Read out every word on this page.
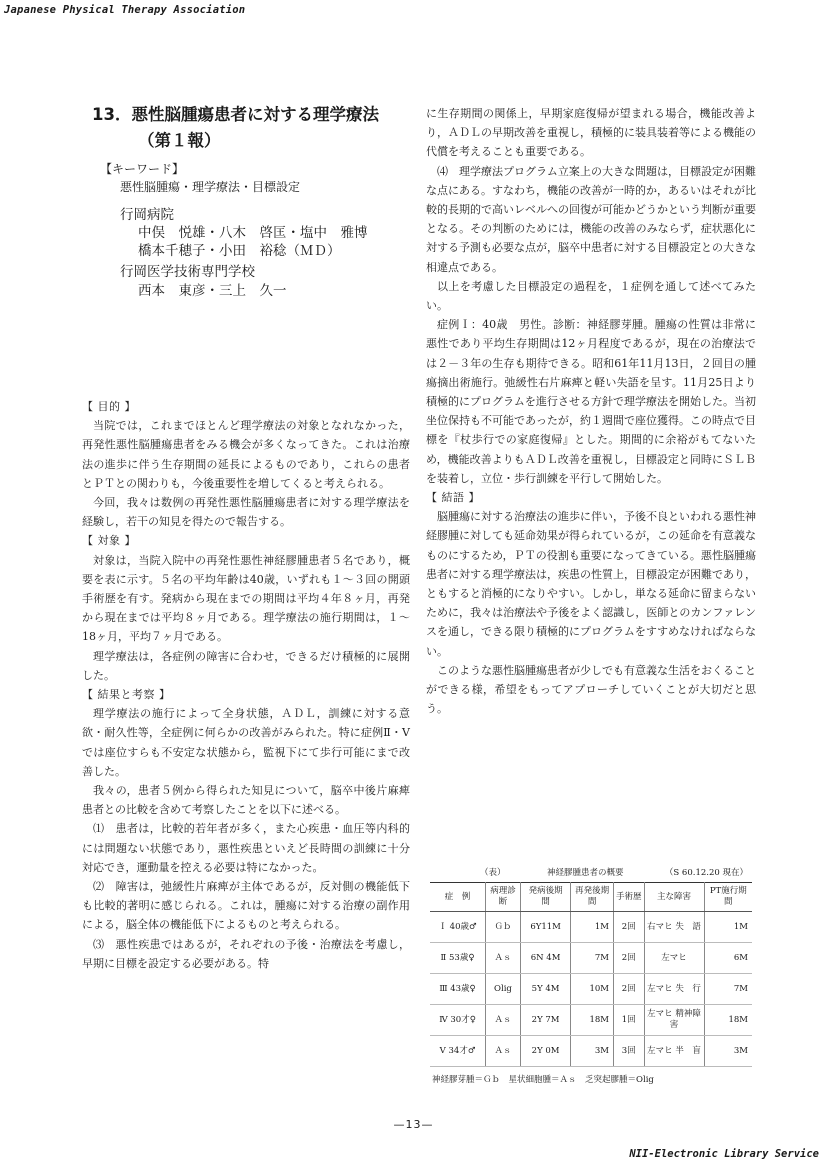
Japanese Physical Therapy Association
13．悪性脳腫瘍患者に対する理学療法
（第１報）
【キーワード】
悪性脳腫瘍・理学療法・目標設定
行岡病院
中俣　悦雄・八木　啓匡・塩中　雅博
橋本千穂子・小田　裕稔（ＭＤ）
行岡医学技術専門学校
西本　東彦・三上　久一
【 目的 】

当院では，これまでほとんど理学療法の対象となれなかった，再発性悪性脳腫瘍患者をみる機会が多くなってきた。これは治療法の進歩に伴う生存期間の延長によるものであり，これらの患者とＰＴとの関わりも，今後重要性を増してくると考えられる。

今回，我々は数例の再発性悪性脳腫瘍患者に対する理学療法を経験し，若干の知見を得たので報告する。

【 対象 】

対象は，当院入院中の再発性悪性神経膠腫患者５名であり，概要を表に示す。５名の平均年齢は40歳，いずれも１～３回の開頭手術歴を有す。発病から現在までの期間は平均４年８ヶ月，再発から現在までは平均８ヶ月である。理学療法の施行期間は，１～18ヶ月，平均７ヶ月である。

理学療法は，各症例の障害に合わせ，できるだけ積極的に展開した。

【 結果と考察 】

理学療法の施行によって全身状態，ＡＤＬ，訓練に対する意欲・耐久性等，全症例に何らかの改善がみられた。特に症例Ⅱ・Ⅴでは座位すらも不安定な状態から，監視下にて歩行可能にまで改善した。

我々の，患者５例から得られた知見について，脳卒中後片麻痺患者との比較を含めて考察したことを以下に述べる。

⑴　患者は，比較的若年者が多く，また心疾患・血圧等内科的には問題ない状態であり，悪性疾患といえど長時間の訓練に十分対応でき，運動量を控える必要は特になかった。

⑵　障害は，弛緩性片麻痺が主体であるが，反対側の機能低下も比較的著明に感じられる。これは，腫瘍に対する治療の副作用による，脳全体の機能低下によるものと考えられる。

⑶　悪性疾患ではあるが，それぞれの予後・治療法を考慮し，早期に目標を設定する必要がある。特

に生存期間の関係上，早期家庭復帰が望まれる場合，機能改善より，ＡＤＬの早期改善を重視し，積極的に装具装着等による機能の代償を考えることも重要である。

⑷　理学療法プログラム立案上の大きな問題は，目標設定が困難な点にある。すなわち，機能の改善が一時的か，あるいはそれが比較的長期的で高いレベルへの回復が可能かどうかという判断が重要となる。その判断のためには，機能の改善のみならず，症状悪化に対する予測も必要な点が，脳卒中患者に対する目標設定との大きな相違点である。

以上を考慮した目標設定の過程を，１症例を通して述べてみたい。

症例Ｉ：40歳　男性。診断：神経膠芽腫。腫瘍の性質は非常に悪性であり平均生存期間は12ヶ月程度であるが，現在の治療法では２－３年の生存も期待できる。昭和61年11月13日，２回目の腫瘍摘出術施行。弛緩性右片麻痺と軽い失語を呈す。11月25日より積極的にプログラムを進行させる方針で理学療法を開始した。当初坐位保持も不可能であったが，約１週間で座位獲得。この時点で目標を『杖歩行での家庭復帰』とした。期間的に余裕がもてないため，機能改善よりもＡＤＬ改善を重視し，目標設定と同時にＳＬＢを装着し，立位・歩行訓練を平行して開始した。

【 結語 】

脳腫瘍に対する治療法の進歩に伴い，予後不良といわれる悪性神経膠腫に対しても延命効果が得られているが，この延命を有意義なものにするため，ＰＴの役割も重要になってきている。悪性脳腫瘍患者に対する理学療法は，疾患の性質上，目標設定が困難であり，ともすると消極的になりやすい。しかし，単なる延命に留まらないために，我々は治療法や予後をよく認識し，医師とのカンファレンスを通し，できる限り積極的にプログラムをすすめなければならない。

このような悪性脳腫瘍患者が少しでも有意義な生活をおくることができる様，希望をもってアプローチしていくことが大切だと思う。

（表）	神経膠腫患者の概要	（S 60.12.20 現在）
症　例	病理診断	発病後期　間	再発後期　間	手術歴	主な障害	PT施行期　間
Ｉ 40歳♂	Ｇｂ	6Y11M	1M	2回	右マヒ 失　語	1M
Ⅱ 53歳♀	Ａｓ	6N 4M	7M	2回	左マヒ	6M
Ⅲ 43歳♀	Olig	5Y 4M	10M	2回	左マヒ 失　行	7M
Ⅳ 30才♀	Ａｓ	2Y 7M	18M	1回	左マヒ 精神障害	18M
Ⅴ 34才♂	Ａｓ	2Y 0M	3M	3回	左マヒ 半　盲	3M
神経膠芽腫＝Ｇｂ　星状細胞腫＝Ａｓ　乏突起膠腫＝Olig
—13—
NII-Electronic Library Service
